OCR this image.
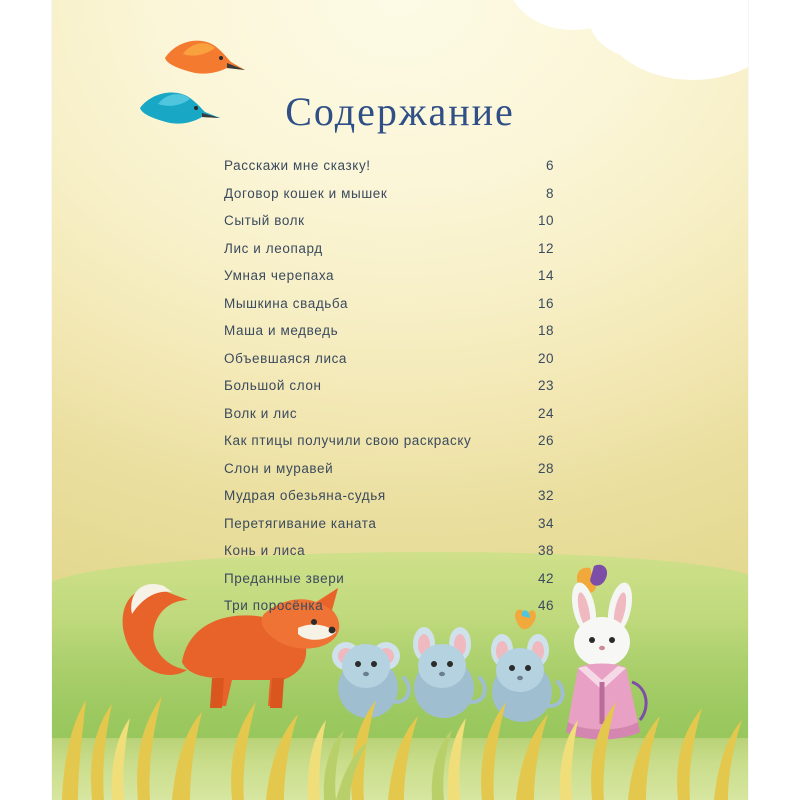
Содержание
Расскажи мне сказку!	6
Договор кошек и мышек	8
Сытый волк	10
Лис и леопард	12
Умная черепаха	14
Мышкина свадьба	16
Маша и медведь	18
Объевшаяся лиса	20
Большой слон	23
Волк и лис	24
Как птицы получили свою раскраску	26
Слон и муравей	28
Мудрая обезьяна-судья	32
Перетягивание каната	34
Конь и лиса	38
Преданные звери	42
Три поросёнка	46
